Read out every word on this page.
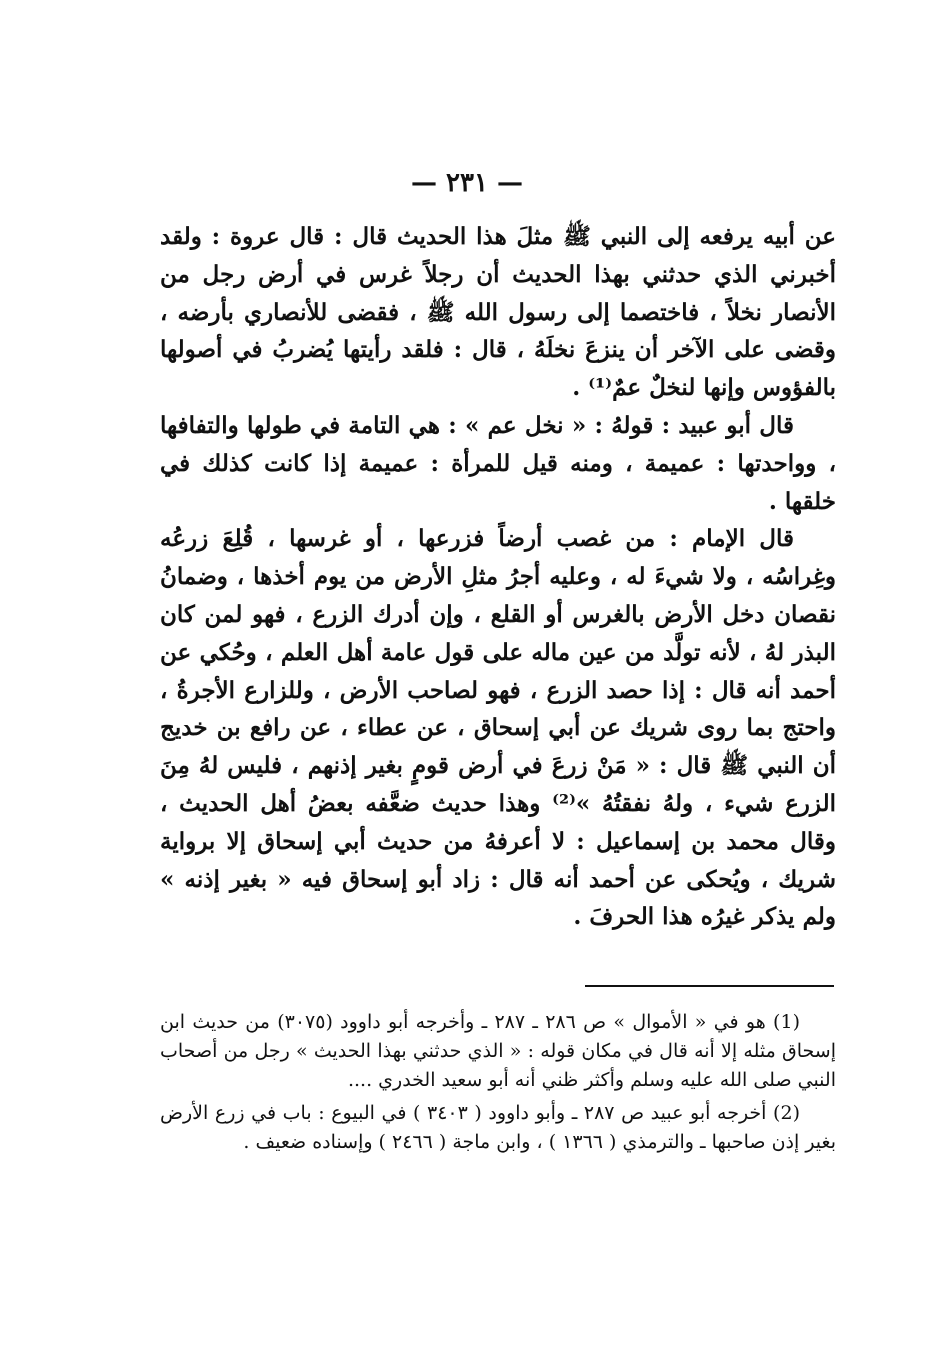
— ٢٣١ —

عن أبيه يرفعه إلى النبي ﷺ مثلَ هذا الحديث قال : قال عروة : ولقد أخبرني الذي حدثني بهذا الحديث أن رجلاً غرس في أرض رجل من الأنصار نخلاً ، فاختصما إلى رسول الله ﷺ ، فقضى للأنصاري بأرضه ، وقضى على الآخر أن ينزعَ نخلَهُ ، قال : فلقد رأيتها يُضربُ في أصولها بالفؤوس وإنها لنخلٌ عمٌ⁽¹⁾ .

قال أبو عبيد : قولهُ : « نخل عم » : هي التامة في طولها والتفافها ، وواحدتها : عميمة ، ومنه قيل للمرأة : عميمة إذا كانت كذلك في خلقها .

قال الإمام : من غصب أرضاً فزرعها ، أو غرسها ، قُلِعَ زرعُه وغِراسُه ، ولا شيءَ له ، وعليه أجرُ مثلِ الأرض من يوم أخذها ، وضمانُ نقصان دخل الأرض بالغرس أو القلع ، وإن أدرك الزرع ، فهو لمن كان البذر لهُ ، لأنه تولَّد من عين ماله على قول عامة أهل العلم ، وحُكي عن أحمد أنه قال : إذا حصد الزرع ، فهو لصاحب الأرض ، وللزارع الأجرةُ ، واحتج بما روى شريك عن أبي إسحاق ، عن عطاء ، عن رافع بن خديج أن النبي ﷺ قال : « مَنْ زرعَ في أرض قومٍ بغير إذنهم ، فليس لهُ مِنَ الزرع شيء ، ولهُ نفقتُهُ »⁽²⁾ وهذا حديث ضعَّفه بعضُ أهل الحديث ، وقال محمد بن إسماعيل : لا أعرفهُ من حديث أبي إسحاق إلا برواية شريك ، ويُحكى عن أحمد أنه قال : زاد أبو إسحاق فيه « بغير إذنه » ولم يذكر غيرُه هذا الحرفَ .

(1) هو في « الأموال » ص ٢٨٦ ـ ٢٨٧ ـ وأخرجه أبو داوود (٣٠٧٥) من حديث ابن إسحاق مثله إلا أنه قال في مكان قوله : « الذي حدثني بهذا الحديث » رجل من أصحاب النبي صلى الله عليه وسلم وأكثر ظني أنه أبو سعيد الخدري ....

(2) أخرجه أبو عبيد ص ٢٨٧ ـ وأبو داوود ( ٣٤٠٣ ) في البيوع : باب في زرع الأرض بغير إذن صاحبها ـ والترمذي ( ١٣٦٦ ) ، وابن ماجة ( ٢٤٦٦ ) وإسناده ضعيف .
